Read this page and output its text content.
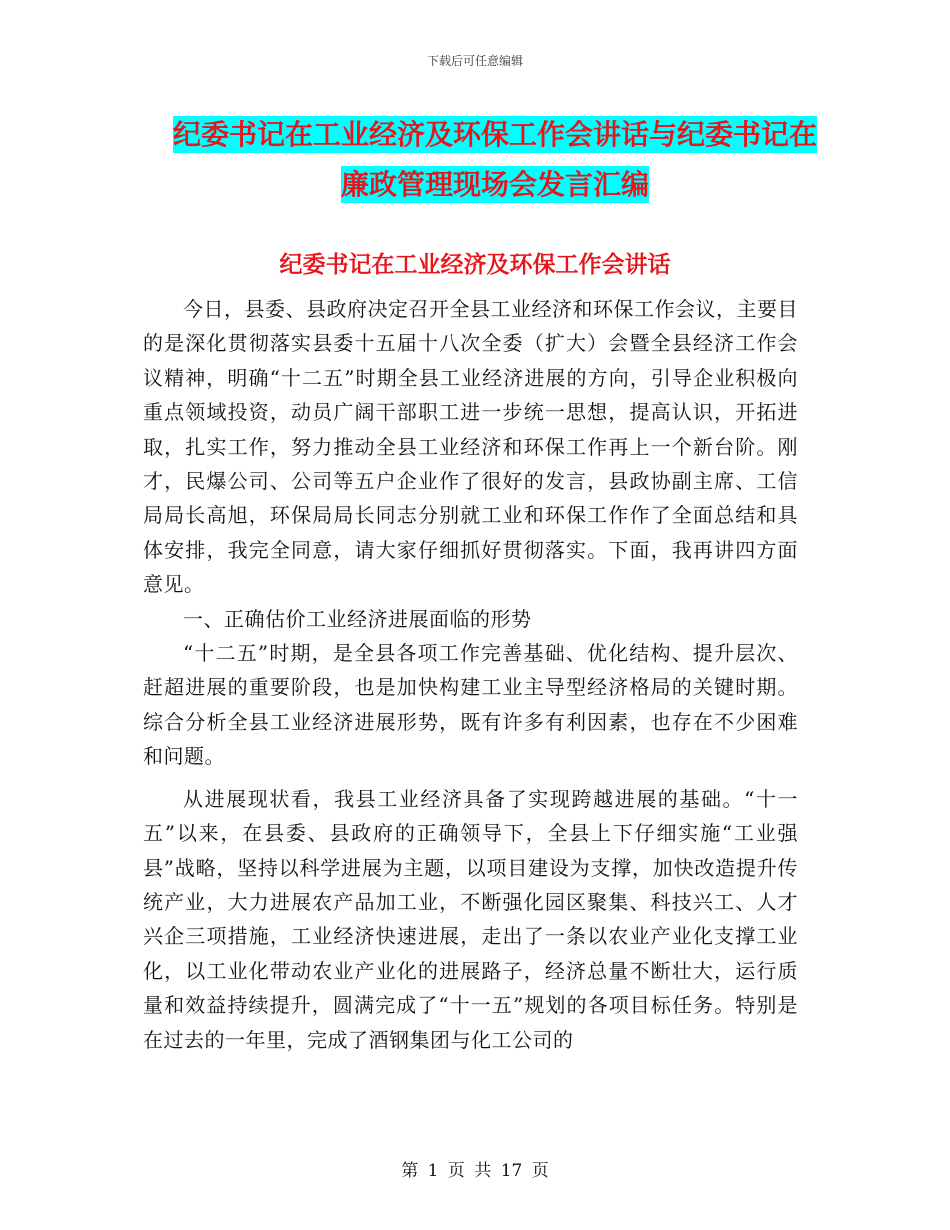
下载后可任意编辑
纪委书记在工业经济及环保工作会讲话与纪委书记在
廉政管理现场会发言汇编
纪委书记在工业经济及环保工作会讲话

今日，县委、县政府决定召开全县工业经济和环保工作会议，主要目的是深化贯彻落实县委十五届十八次全委（扩大）会暨全县经济工作会议精神，明确“十二五”时期全县工业经济进展的方向，引导企业积极向重点领域投资，动员广阔干部职工进一步统一思想，提高认识，开拓进取，扎实工作，努力推动全县工业经济和环保工作再上一个新台阶。刚才，民爆公司、公司等五户企业作了很好的发言，县政协副主席、工信局局长高旭，环保局局长同志分别就工业和环保工作作了全面总结和具体安排，我完全同意，请大家仔细抓好贯彻落实。下面，我再讲四方面意见。

一、正确估价工业经济进展面临的形势

“十二五”时期，是全县各项工作完善基础、优化结构、提升层次、赶超进展的重要阶段，也是加快构建工业主导型经济格局的关键时期。综合分析全县工业经济进展形势，既有许多有利因素，也存在不少困难和问题。

从进展现状看，我县工业经济具备了实现跨越进展的基础。“十一五”以来，在县委、县政府的正确领导下，全县上下仔细实施“工业强县”战略，坚持以科学进展为主题，以项目建设为支撑，加快改造提升传统产业，大力进展农产品加工业，不断强化园区聚集、科技兴工、人才兴企三项措施，工业经济快速进展，走出了一条以农业产业化支撑工业化，以工业化带动农业产业化的进展路子，经济总量不断壮大，运行质量和效益持续提升，圆满完成了“十一五”规划的各项目标任务。特别是在过去的一年里，完成了酒钢集团与化工公司的

第 1 页 共 17 页
